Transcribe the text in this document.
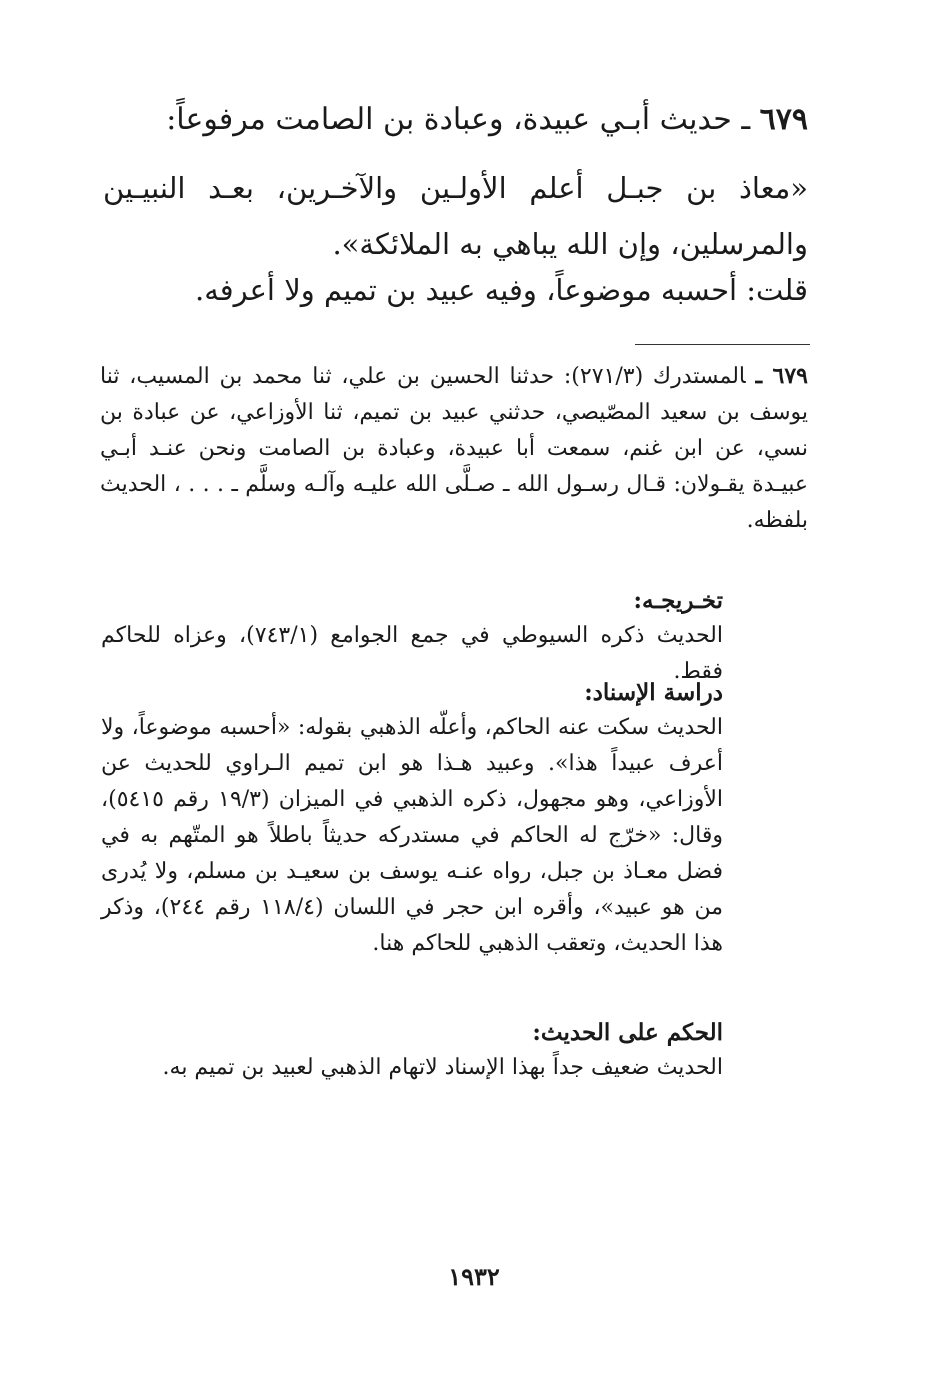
٦٧٩ ـ حديث أبـي عبيدة، وعبادة بن الصامت مرفوعاً:
«معاذ بن جبـل أعلم الأولـين والآخـرين، بعـد النبيـين والمرسلين، وإن الله يباهي به الملائكة».
قلت: أحسبه موضوعاً، وفيه عبيد بن تميم ولا أعرفه.
٦٧٩ ـالمستدرك (٢٧١/٣): حدثنا الحسين بن علي، ثنا محمد بن المسيب، ثنا يوسف بن سعيد المصّيصي، حدثني عبيد بن تميم، ثنا الأوزاعي، عن عبادة بن نسي، عن ابن غنم، سمعت أبا عبيدة، وعبادة بن الصامت ونحن عنـد أبـي عبيـدة يقـولان: قـال رسـول الله ـ صـلَّى الله عليـه وآلـه وسلَّم ـ . . . ، الحديث بلفظه.
تخـريجـه:
الحديث ذكره السيوطي في جمع الجوامع (٧٤٣/١)، وعزاه للحاكم فقط.
دراسة الإسناد:
الحديث سكت عنه الحاكم، وأعلّه الذهبي بقوله: «أحسبه موضوعاً، ولا أعرف عبيداً هذا». وعبيد هـذا هو ابن تميم الـراوي للحديث عن الأوزاعي، وهو مجهول، ذكره الذهبي في الميزان (١٩/٣ رقم ٥٤١٥)، وقال: «خرّج له الحاكم في مستدركه حديثاً باطلاً هو المتّهم به في فضل معـاذ بن جبل، رواه عنـه يوسف بن سعيـد بن مسلم، ولا يُدرى من هو عبيد»، وأقره ابن حجر في اللسان (١١٨/٤ رقم ٢٤٤)، وذكر هذا الحديث، وتعقب الذهبي للحاكم هنا.
الحكم على الحديث:
الحديث ضعيف جداً بهذا الإسناد لاتهام الذهبي لعبيد بن تميم به.
١٩٣٢
